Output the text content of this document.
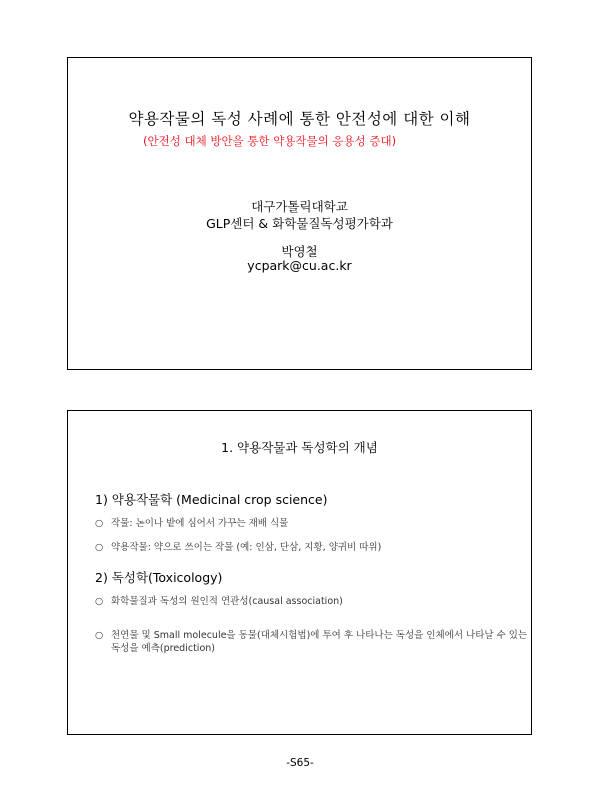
약용작물의 독성 사례에 통한 안전성에 대한 이해
(안전성 대체 방안을 통한 약용작물의 응용성 증대)
대구가톨릭대학교
GLP센터 & 화학물질독성평가학과
박영철
ycpark@cu.ac.kr
1. 약용작물과 독성학의 개념
1) 약용작물학 (Medicinal crop science)
○ 작물: 논이나 밭에 심어서 가꾸는 재배 식물
○ 약용작물: 약으로 쓰이는 작물 (예: 인삼, 단삼, 지황, 양귀비 따위)
2) 독성학(Toxicology)
○ 화학물질과 독성의 원인적 연관성(causal association)
○ 천연물 및 Small molecule을 동물(대체시험법)에 투여 후 나타나는 독성을 인체에서 나타날 수 있는 독성을 예측(prediction)
-S65-
